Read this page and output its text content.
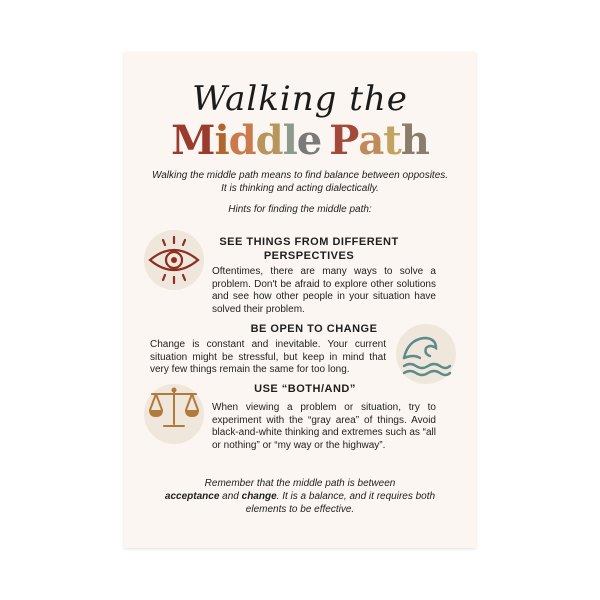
Walking the
Middle Path
Walking the middle path means to find balance between opposites. It is thinking and acting dialectically.
Hints for finding the middle path:
SEE THINGS FROM DIFFERENT PERSPECTIVES
Oftentimes, there are many ways to solve a problem. Don't be afraid to explore other solutions and see how other people in your situation have solved their problem.
BE OPEN TO CHANGE
Change is constant and inevitable. Your current situation might be stressful, but keep in mind that very few things remain the same for too long.
USE “BOTH/AND”
When viewing a problem or situation, try to experiment with the “gray area” of things. Avoid black-and-white thinking and extremes such as “all or nothing” or “my way or the highway”.
Remember that the middle path is between
acceptance and change. It is a balance, and it requires both elements to be effective.
